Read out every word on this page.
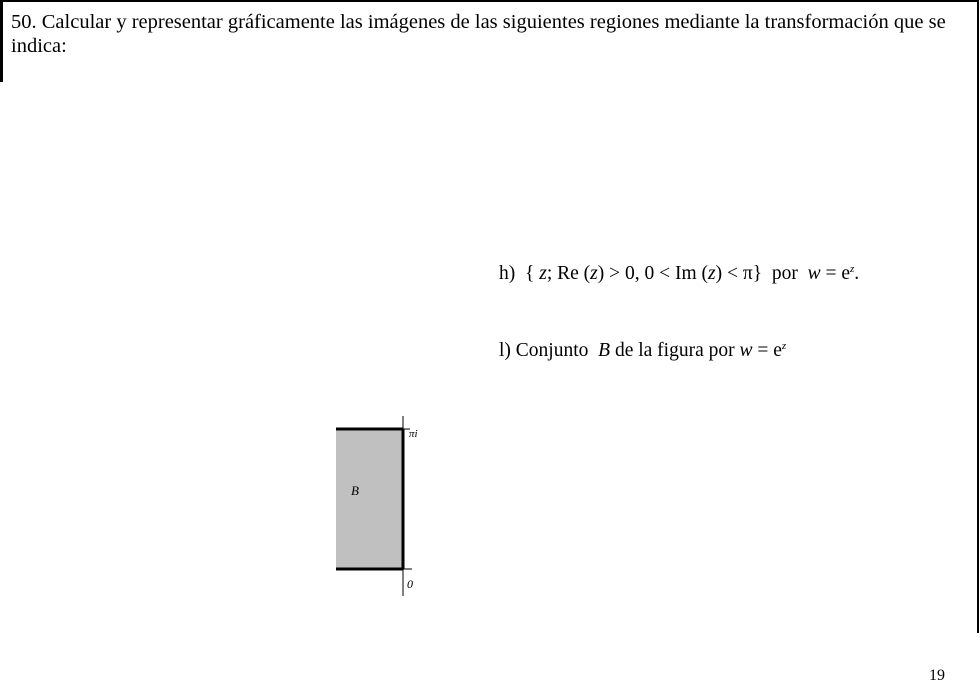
50. Calcular y representar gráficamente las imágenes de las siguientes regiones mediante la transformación que se indica:

h) { z; Re (z) > 0, 0 < Im (z) < π} por $w = e^z$.

l) Conjunto B de la figura por $w = e^z$

B
πi
0

19
